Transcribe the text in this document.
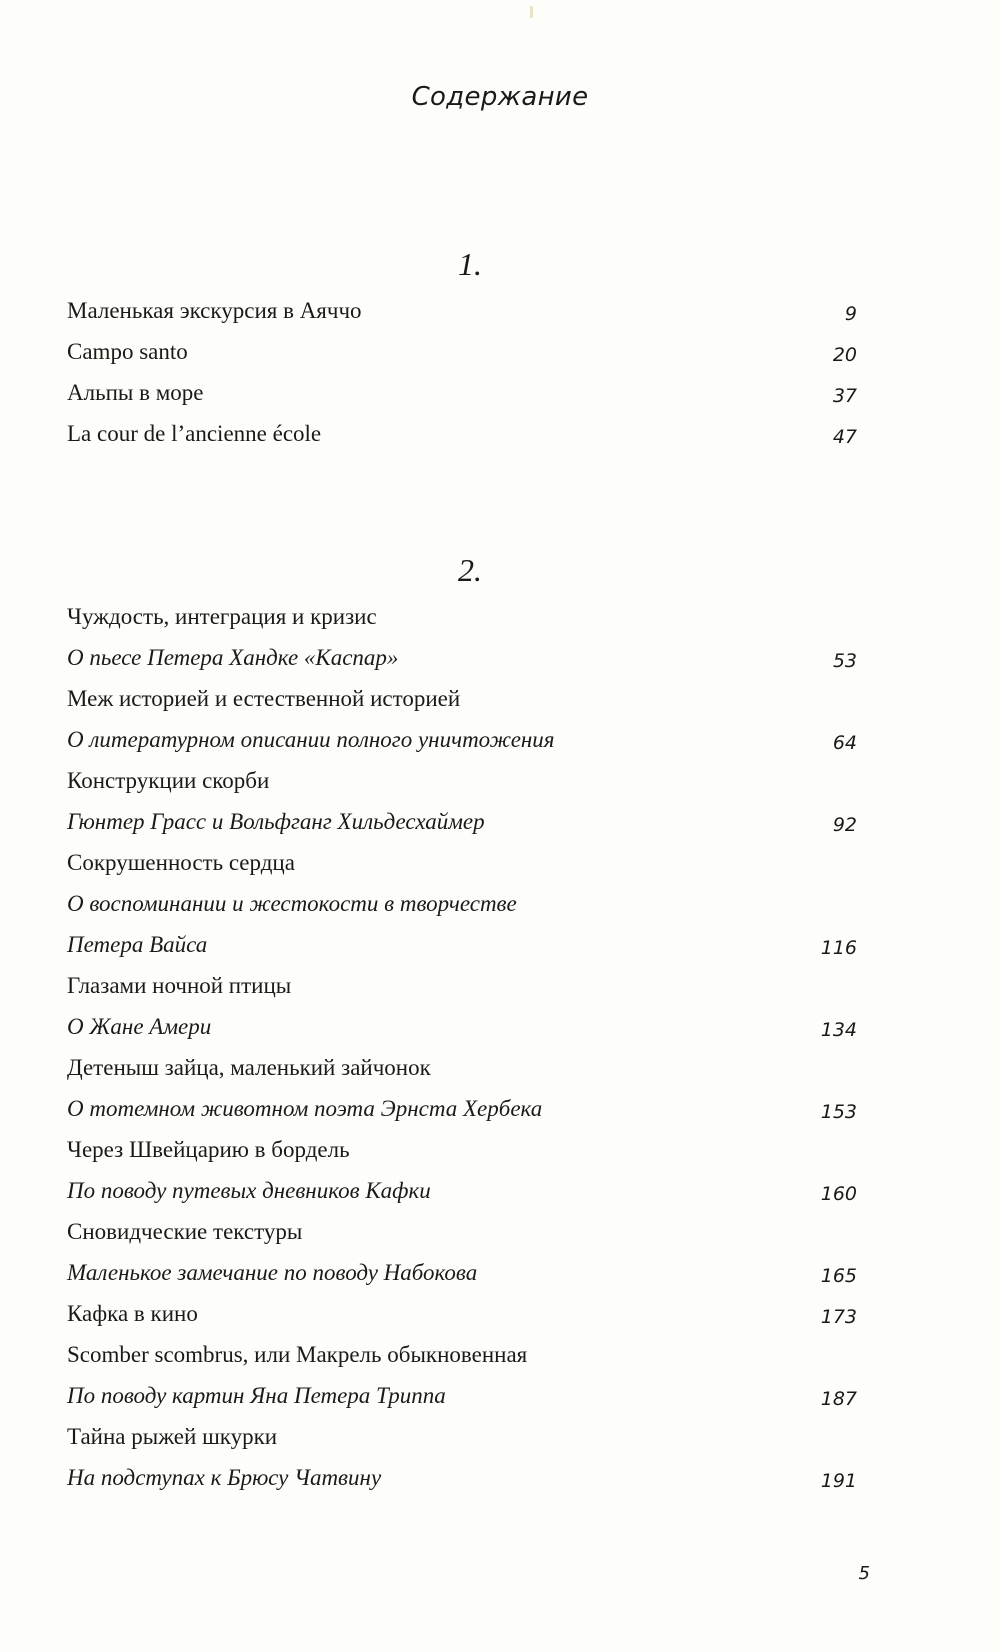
Содержание
1.
Маленькая экскурсия в Аяччо	9
Campo santo	20
Альпы в море	37
La cour de l’ancienne école	47
2.
Чуждость, интеграция и кризис
О пьесе Петера Хандке «Каспар»	53
Меж историей и естественной историей
О литературном описании полного уничтожения	64
Конструкции скорби
Гюнтер Грасс и Вольфганг Хильдесхаймер	92
Сокрушенность сердца
О воспоминании и жестокости в творчестве
Петера Вайса	116
Глазами ночной птицы
О Жане Амери	134
Детеныш зайца, маленький зайчонок
О тотемном животном поэта Эрнста Хербека	153
Через Швейцарию в бордель
По поводу путевых дневников Кафки	160
Сновидческие текстуры
Маленькое замечание по поводу Набокова	165
Кафка в кино	173
Scomber scombrus, или Макрель обыкновенная
По поводу картин Яна Петера Триппа	187
Тайна рыжей шкурки
На подступах к Брюсу Чатвину	191
5
